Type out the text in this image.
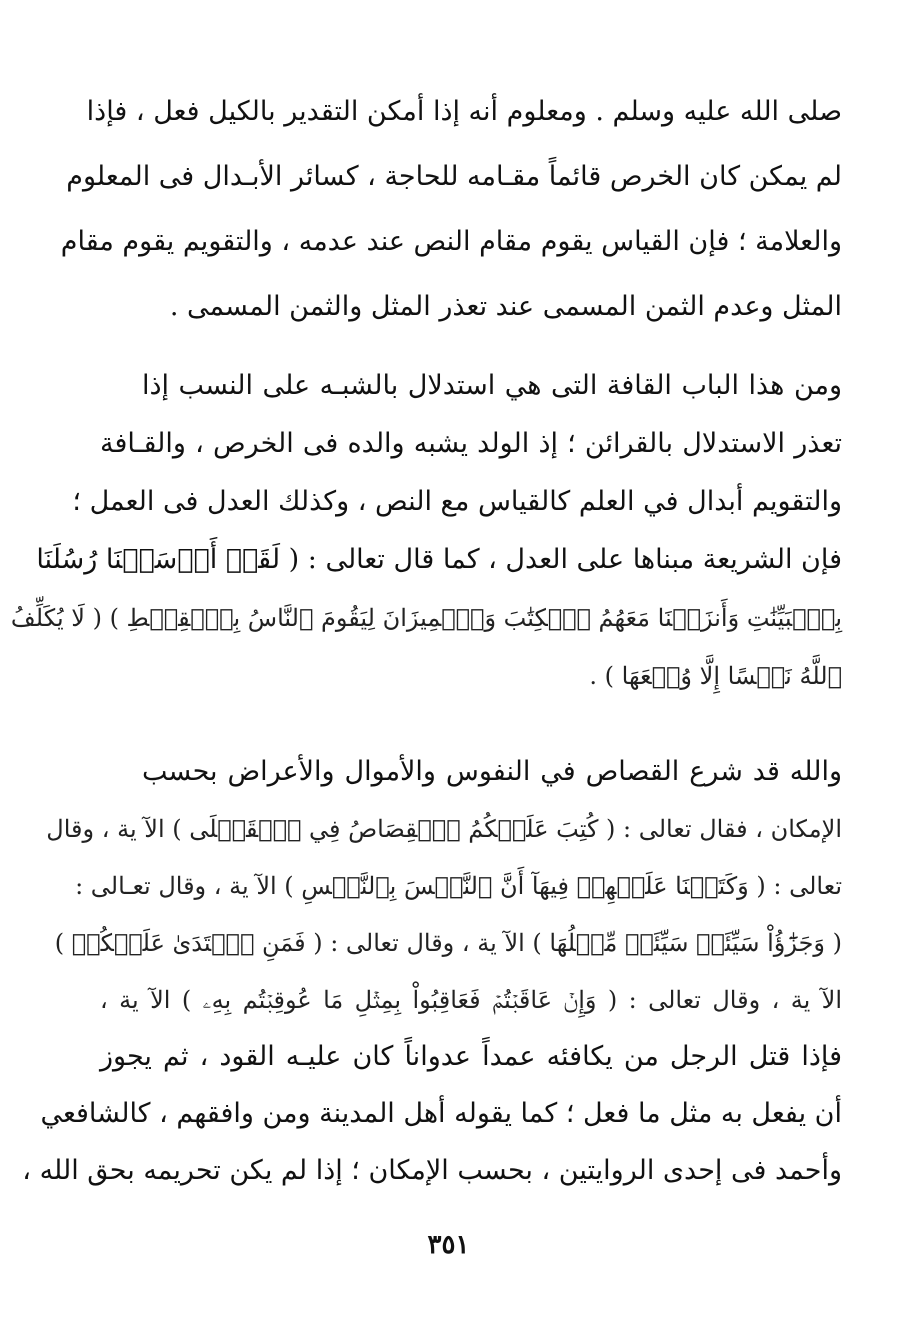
صلى الله عليه وسلم . ومعلوم أنه إذا أمكن التقدير بالكيل فعل ، فإذا
لم يمكن كان الخرص قائماً مقـامه للحاجة ، كسائر الأبـدال فى المعلوم
والعلامة ؛ فإن القياس يقوم مقام النص عند عدمه ، والتقويم يقوم مقام
المثل وعدم الثمن المسمى عند تعذر المثل والثمن المسمى .
ومن هذا الباب القافة التى هي استدلال بالشبـه على النسب إذا
تعذر الاستدلال بالقرائن ؛ إذ الولد يشبه والده فى الخرص ، والقـافة
والتقويم أبدال في العلم كالقياس مع النص ، وكذلك العدل فى العمل ؛
فإن الشريعة مبناها على العدل ، كما قال تعالى : ( لَقَدۡ أَرۡسَلۡنَا رُسُلَنَا
بِٱلۡبَيِّنَٰتِ وَأَنزَلۡنَا مَعَهُمُ ٱلۡكِتَٰبَ وَٱلۡمِيزَانَ لِيَقُومَ ٱلنَّاسُ بِٱلۡقِسۡطِ ) ( لَا يُكَلِّفُ
ٱللَّهُ نَفۡسًا إِلَّا وُسۡعَهَا ) .
والله قد شرع القصاص في النفوس والأموال والأعراض بحسب
الإمكان ، فقال تعالى : ( كُتِبَ عَلَيۡكُمُ ٱلۡقِصَاصُ فِي ٱلۡقَتۡلَى ) الآ ية ، وقال
تعالى : ( وَكَتَبۡنَا عَلَيۡهِمۡ فِيهَآ أَنَّ ٱلنَّفۡسَ بِٱلنَّفۡسِ ) الآ ية ، وقال تعـالى :
( وَجَزَٰٓؤُاْ سَيِّئَةٖ سَيِّئَةٞ مِّثۡلُهَا ) الآ ية ، وقال تعالى : ( فَمَنِ ٱعۡتَدَىٰ عَلَيۡكُمۡ )
الآ ية ، وقال تعالى : ( وَإِنۡ عَاقَبۡتُمۡ فَعَاقِبُواْ بِمِثۡلِ مَا عُوقِبۡتُم بِهِۦ ) الآ ية ،
فإذا قتل الرجل من يكافئه عمداً عدواناً كان عليـه القود ، ثم يجوز
أن يفعل به مثل ما فعل ؛ كما يقوله أهل المدينة ومن وافقهم ، كالشافعي
وأحمد فى إحدى الروايتين ، بحسب الإمكان ؛ إذا لم يكن تحريمه بحق الله ،
٣٥١
